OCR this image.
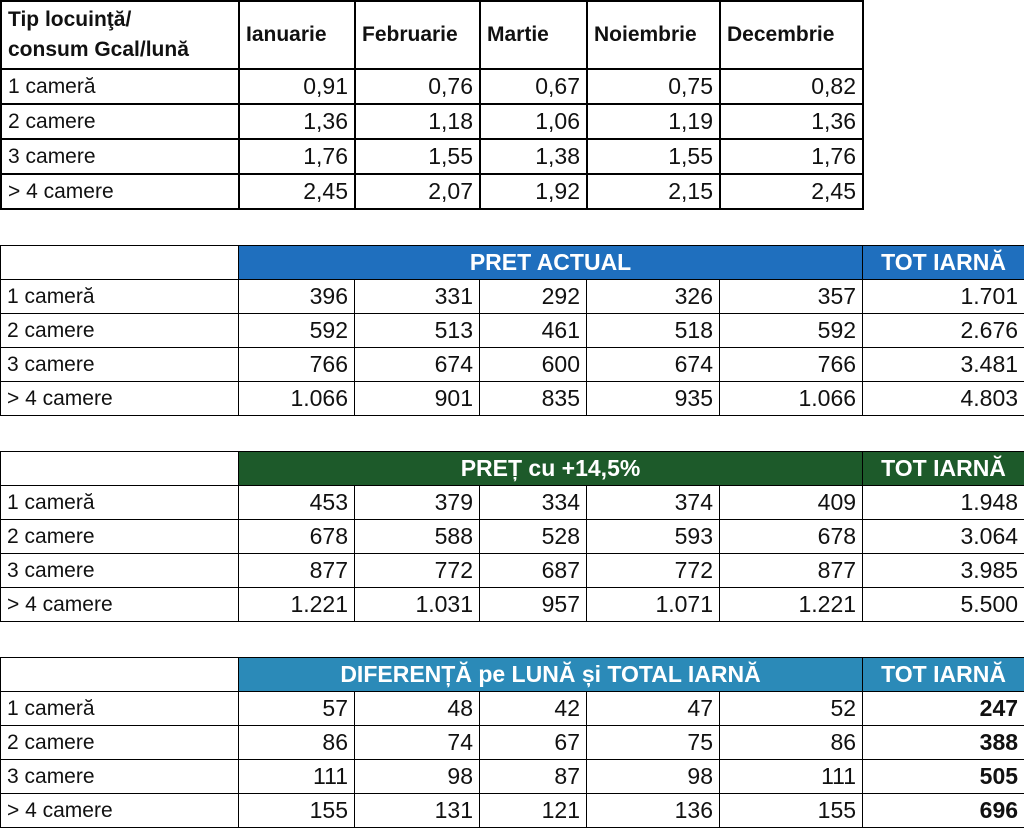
Tip locuinţă/
consum Gcal/lună	Ianuarie	Februarie	Martie	Noiembrie	Decembrie
1 cameră	0,91	0,76	0,67	0,75	0,82
2 camere	1,36	1,18	1,06	1,19	1,36
3 camere	1,76	1,55	1,38	1,55	1,76
> 4 camere	2,45	2,07	1,92	2,15	2,45
	PRET ACTUAL					TOT IARNĂ
1 cameră	396	331	292	326	357	1.701
2 camere	592	513	461	518	592	2.676
3 camere	766	674	600	674	766	3.481
> 4 camere	1.066	901	835	935	1.066	4.803
	PREȚ cu +14,5%					TOT IARNĂ
1 cameră	453	379	334	374	409	1.948
2 camere	678	588	528	593	678	3.064
3 camere	877	772	687	772	877	3.985
> 4 camere	1.221	1.031	957	1.071	1.221	5.500
	DIFERENȚĂ pe LUNĂ și TOTAL IARNĂ					TOT IARNĂ
1 cameră	57	48	42	47	52	247
2 camere	86	74	67	75	86	388
3 camere	111	98	87	98	111	505
> 4 camere	155	131	121	136	155	696
